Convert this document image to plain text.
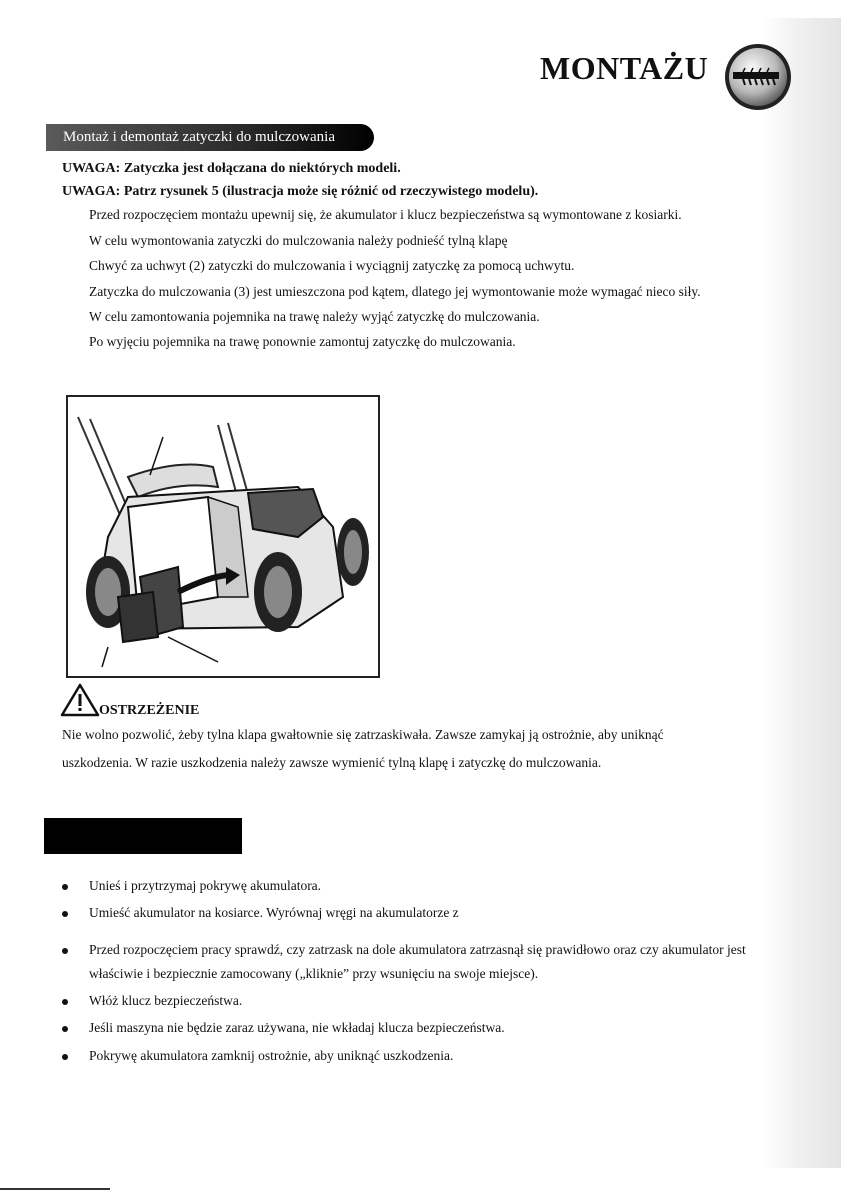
MONTAŻU
Montaż i demontaż zatyczki do mulczowania
UWAGA: Zatyczka jest dołączana do niektórych modeli.
UWAGA: Patrz rysunek 5 (ilustracja może się różnić od rzeczywistego modelu).
Przed rozpoczęciem montażu upewnij się, że akumulator i klucz bezpieczeństwa są wymontowane z kosiarki.
W celu wymontowania zatyczki do mulczowania należy podnieść tylną klapę
Chwyć za uchwyt (2) zatyczki do mulczowania i wyciągnij zatyczkę za pomocą uchwytu.
Zatyczka do mulczowania (3) jest umieszczona pod kątem, dlatego jej wymontowanie może wymagać nieco siły.
W celu zamontowania pojemnika na trawę należy wyjąć zatyczkę do mulczowania.
Po wyjęciu pojemnika na trawę ponownie zamontuj zatyczkę do mulczowania.
OSTRZEŻENIE
Nie wolno pozwolić, żeby tylna klapa gwałtownie się zatrzaskiwała. Zawsze zamykaj ją ostrożnie, aby uniknąć
uszkodzenia. W razie uszkodzenia należy zawsze wymienić tylną klapę i zatyczkę do mulczowania.
Unieś i przytrzymaj pokrywę akumulatora.
Umieść akumulator na kosiarce. Wyrównaj wręgi na akumulatorze z
Przed rozpoczęciem pracy sprawdź, czy zatrzask na dole akumulatora zatrzasnął się prawidłowo oraz czy akumulator jest
właściwie i bezpiecznie zamocowany („kliknie” przy wsunięciu na swoje miejsce).
Włóż klucz bezpieczeństwa.
Jeśli maszyna nie będzie zaraz używana, nie wkładaj klucza bezpieczeństwa.
Pokrywę akumulatora zamknij ostrożnie, aby uniknąć uszkodzenia.
